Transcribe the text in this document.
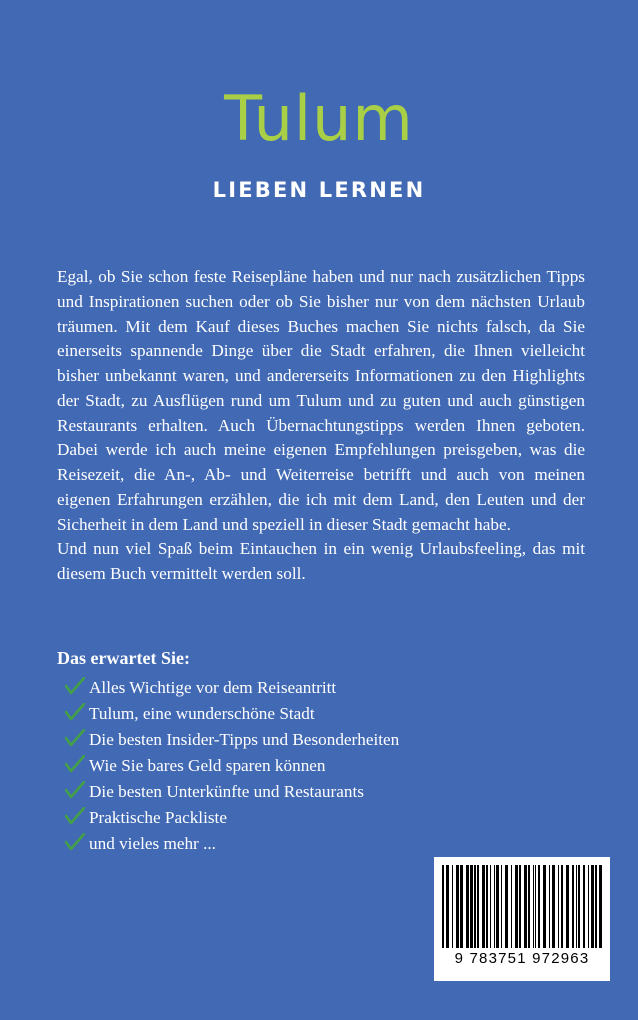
Tulum
LIEBEN LERNEN

Egal, ob Sie schon feste Reisepläne haben und nur nach zusätzlichen Tipps und Inspirationen suchen oder ob Sie bisher nur von dem nächsten Urlaub träumen. Mit dem Kauf dieses Buches machen Sie nichts falsch, da Sie einerseits spannende Dinge über die Stadt erfahren, die Ihnen vielleicht bisher unbekannt waren, und andererseits Informationen zu den Highlights der Stadt, zu Ausflügen rund um Tulum und zu guten und auch günstigen Restaurants erhalten. Auch Übernachtungstipps werden Ihnen geboten. Dabei werde ich auch meine eigenen Empfehlungen preisgeben, was die Reisezeit, die An-, Ab- und Weiterreise betrifft und auch von meinen eigenen Erfahrungen erzählen, die ich mit dem Land, den Leuten und der Sicherheit in dem Land und speziell in dieser Stadt gemacht habe.

Und nun viel Spaß beim Eintauchen in ein wenig Urlaubsfeeling, das mit diesem Buch vermittelt werden soll.

Das erwartet Sie:
Alles Wichtige vor dem Reiseantritt
Tulum, eine wunderschöne Stadt
Die besten Insider-Tipps und Besonderheiten
Wie Sie bares Geld sparen können
Die besten Unterkünfte und Restaurants
Praktische Packliste
und vieles mehr ...
9 783751 972963
